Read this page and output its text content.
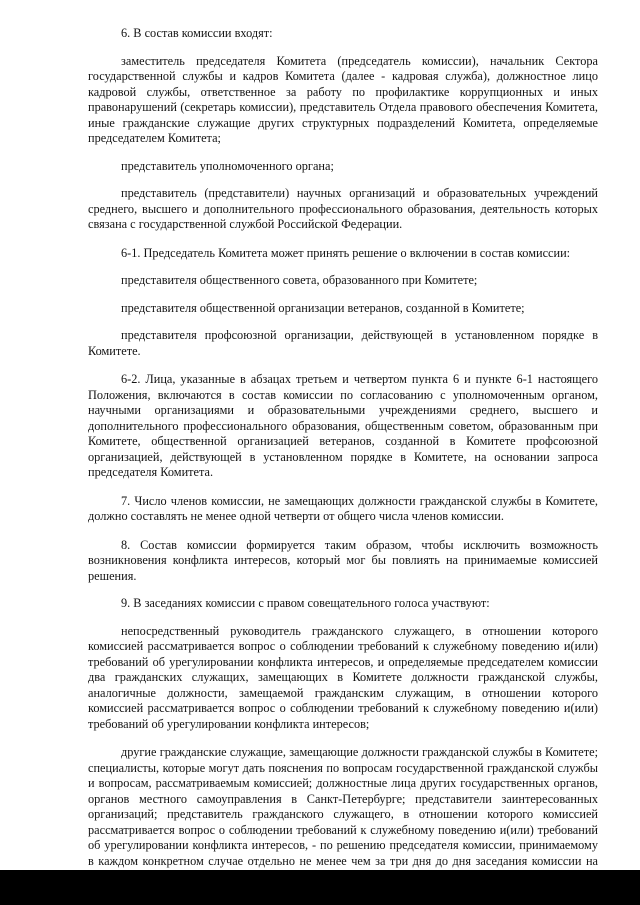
6. В состав комиссии входят:

заместитель председателя Комитета (председатель комиссии), начальник Сектора государственной службы и кадров Комитета (далее - кадровая служба), должностное лицо кадровой службы, ответственное за работу по профилактике коррупционных и иных правонарушений (секретарь комиссии), представитель Отдела правового обеспечения Комитета, иные гражданские служащие других структурных подразделений Комитета, определяемые председателем Комитета;

представитель уполномоченного органа;

представитель (представители) научных организаций и образовательных учреждений среднего, высшего и дополнительного профессионального образования, деятельность которых связана с государственной службой Российской Федерации.

6-1. Председатель Комитета может принять решение о включении в состав комиссии:

представителя общественного совета, образованного при Комитете;

представителя общественной организации ветеранов, созданной в Комитете;

представителя профсоюзной организации, действующей в установленном порядке в Комитете.

6-2. Лица, указанные в абзацах третьем и четвертом пункта 6 и пункте 6-1 настоящего Положения, включаются в состав комиссии по согласованию с уполномоченным органом, научными организациями и образовательными учреждениями среднего, высшего и дополнительного профессионального образования, общественным советом, образованным при Комитете, общественной организацией ветеранов, созданной в Комитете профсоюзной организацией, действующей в установленном порядке в Комитете, на основании запроса председателя Комитета.

7. Число членов комиссии, не замещающих должности гражданской службы в Комитете, должно составлять не менее одной четверти от общего числа членов комиссии.

8. Состав комиссии формируется таким образом, чтобы исключить возможность возникновения конфликта интересов, который мог бы повлиять на принимаемые комиссией решения.

9. В заседаниях комиссии с правом совещательного голоса участвуют:

непосредственный руководитель гражданского служащего, в отношении которого комиссией рассматривается вопрос о соблюдении требований к служебному поведению и(или) требований об урегулировании конфликта интересов, и определяемые председателем комиссии два гражданских служащих, замещающих в Комитете должности гражданской службы, аналогичные должности, замещаемой гражданским служащим, в отношении которого комиссией рассматривается вопрос о соблюдении требований к служебному поведению и(или) требований об урегулировании конфликта интересов;

другие гражданские служащие, замещающие должности гражданской службы в Комитете; специалисты, которые могут дать пояснения по вопросам государственной гражданской службы и вопросам, рассматриваемым комиссией; должностные лица других государственных органов, органов местного самоуправления в Санкт-Петербурге; представители заинтересованных организаций; представитель гражданского служащего, в отношении которого комиссией рассматривается вопрос о соблюдении требований к служебному поведению и(или) требований об урегулировании конфликта интересов, - по решению председателя комиссии, принимаемому в каждом конкретном случае отдельно не менее чем за три дня до дня заседания комиссии на
